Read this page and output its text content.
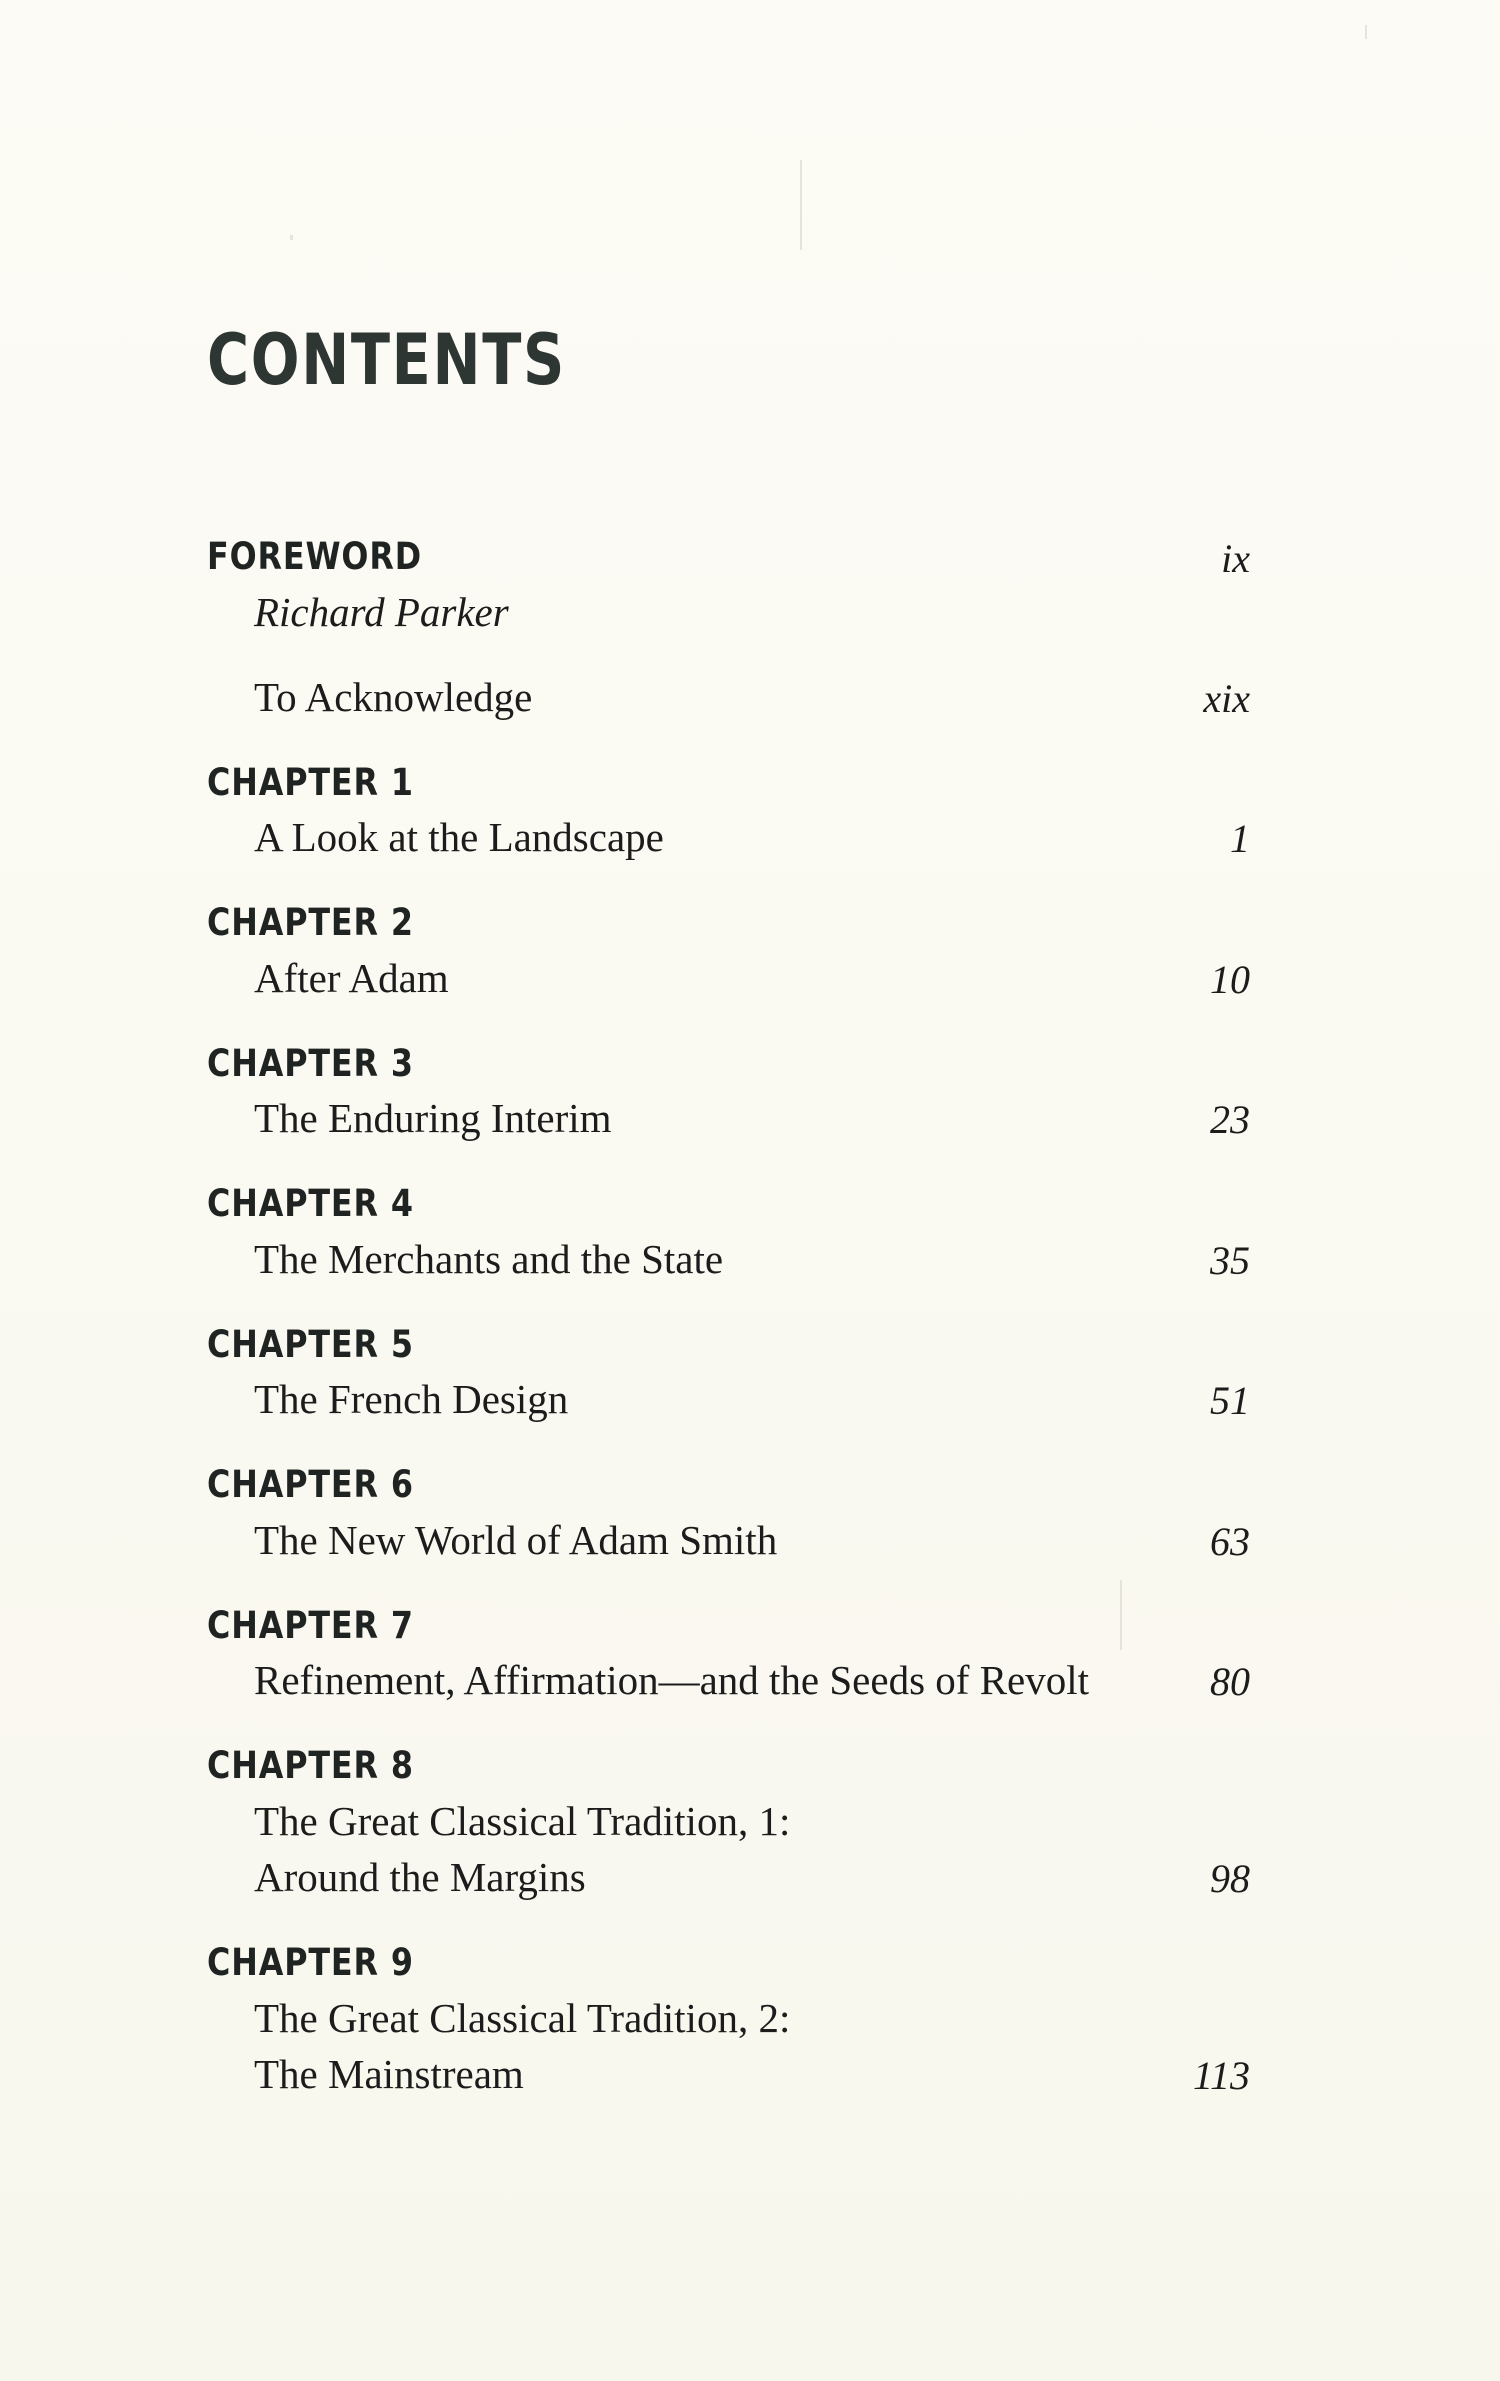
CONTENTS
FOREWORD	ix
Richard Parker
To Acknowledge	xix
CHAPTER 1
A Look at the Landscape	1
CHAPTER 2
After Adam	10
CHAPTER 3
The Enduring Interim	23
CHAPTER 4
The Merchants and the State	35
CHAPTER 5
The French Design	51
CHAPTER 6
The New World of Adam Smith	63
CHAPTER 7
Refinement, Affirmation—and the Seeds of Revolt	80
CHAPTER 8
The Great Classical Tradition, 1:
Around the Margins	98
CHAPTER 9
The Great Classical Tradition, 2:
The Mainstream	113
